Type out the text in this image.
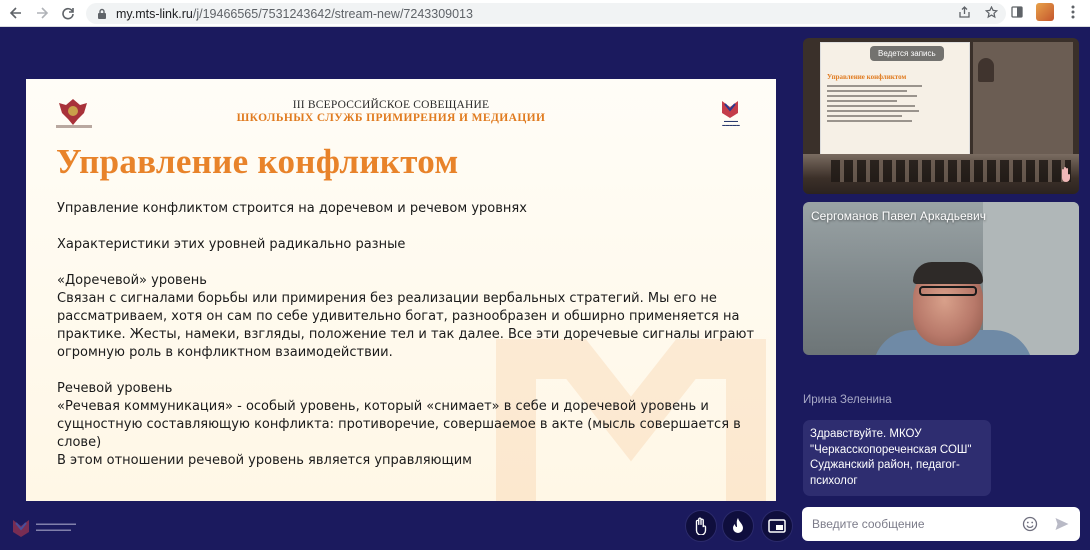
my.mts-link.ru/j/19466565/7531243642/stream-new/7243309013
III ВСЕРОССИЙСКОЕ СОВЕЩАНИЕ
ШКОЛЬНЫХ СЛУЖБ ПРИМИРЕНИЯ И МЕДИАЦИИ	▬▬▬▬
▬▬▬▬▬
Управление конфликтом

Управление конфликтом строится на доречевом и речевом уровнях

Характеристики этих уровней радикально разные

«Доречевой» уровень

Связан с сигналами борьбы или примирения без реализации вербальных стратегий. Мы его не рассматриваем, хотя он сам по себе удивительно богат, разнообразен и обширно применяется на практике. Жесты, намеки, взгляды, положение тел и так далее. Все эти доречевые сигналы играют огромную роль в конфликтном взаимодействии.

Речевой уровень

«Речевая коммуникация» - особый уровень, который «снимает» в себе и доречевой уровень и сущностную составляющую конфликта: противоречие, совершаемое в акте (мысль совершается в слове)

В этом отношении речевой уровень является управляющим

Управление конфликтом
Ведется запись
Сергоманов Павел Аркадьевич
Ирина Зеленина
Здравствуйте. МКОУ "Черкасскопореченская СОШ" Суджанский район, педагог-психолог
▬▬▬▬▬▬▬▬
▬▬▬▬▬▬▬
Введите сообщение
